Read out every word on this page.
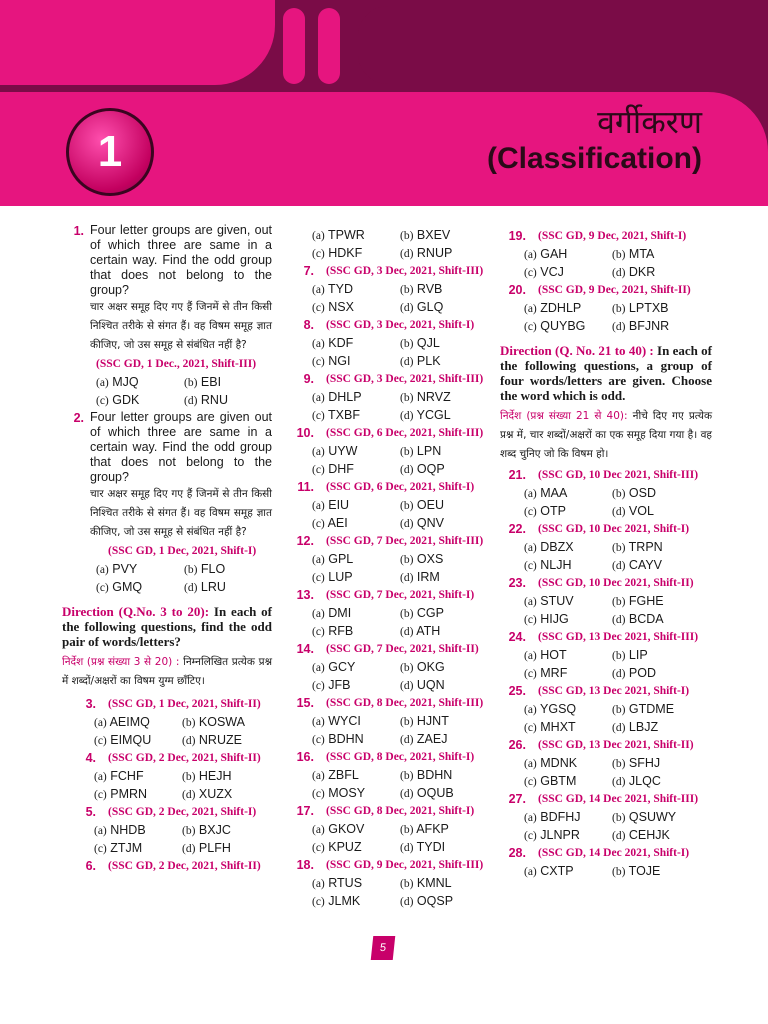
1
वर्गीकरण
(Classification)
1. Four letter groups are given, out of which three are same in a certain way. Find the odd group that does not belong to the group?
चार अक्षर समूह दिए गए हैं जिनमें से तीन किसी निश्चित तरीके से संगत हैं। वह विषम समूह ज्ञात कीजिए, जो उस समूह से संबंधित नहीं है?
(SSC GD, 1 Dec., 2021, Shift-III)
(a) MJQ	(b) EBI
(c) GDK	(d) RNU
2. Four letter groups are given out of which three are same in a certain way. Find the odd group that does not belong to the group?
चार अक्षर समूह दिए गए हैं जिनमें से तीन किसी निश्चित तरीके से संगत हैं। वह विषम समूह ज्ञात कीजिए, जो उस समूह से संबंधित नहीं है?
(SSC GD, 1 Dec, 2021, Shift-I)
(a) PVY	(b) FLO
(c) GMQ	(d) LRU
Direction (Q.No. 3 to 20): In each of the following questions, find the odd pair of words/letters?
निर्देश (प्रश्न संख्या 3 से 20) : निम्नलिखित प्रत्येक प्रश्न में शब्दों/अक्षरों का विषम युग्म छाँटिए।
3.	(SSC GD, 1 Dec, 2021, Shift-II)
(a) AEIMQ	(b) KOSWA
(c) EIMQU	(d) NRUZE
4.	(SSC GD, 2 Dec, 2021, Shift-II)
(a) FCHF	(b) HEJH
(c) PMRN	(d) XUZX
5.	(SSC GD, 2 Dec, 2021, Shift-I)
(a) NHDB	(b) BXJC
(c) ZTJM	(d) PLFH
6.	(SSC GD, 2 Dec, 2021, Shift-II)
(a) TPWR	(b) BXEV
(c) HDKF	(d) RNUP
7.	(SSC GD, 3 Dec, 2021, Shift-III)
(a) TYD	(b) RVB
(c) NSX	(d) GLQ
8.	(SSC GD, 3 Dec, 2021, Shift-I)
(a) KDF	(b) QJL
(c) NGI	(d) PLK
9.	(SSC GD, 3 Dec, 2021, Shift-III)
(a) DHLP	(b) NRVZ
(c) TXBF	(d) YCGL
10.	(SSC GD, 6 Dec, 2021, Shift-III)
(a) UYW	(b) LPN
(c) DHF	(d) OQP
11.	(SSC GD, 6 Dec, 2021, Shift-I)
(a) EIU	(b) OEU
(c) AEI	(d) QNV
12.	(SSC GD, 7 Dec, 2021, Shift-III)
(a) GPL	(b) OXS
(c) LUP	(d) IRM
13.	(SSC GD, 7 Dec, 2021, Shift-I)
(a) DMI	(b) CGP
(c) RFB	(d) ATH
14.	(SSC GD, 7 Dec, 2021, Shift-II)
(a) GCY	(b) OKG
(c) JFB	(d) UQN
15.	(SSC GD, 8 Dec, 2021, Shift-III)
(a) WYCI	(b) HJNT
(c) BDHN	(d) ZAEJ
16.	(SSC GD, 8 Dec, 2021, Shift-I)
(a) ZBFL	(b) BDHN
(c) MOSY	(d) OQUB
17.	(SSC GD, 8 Dec, 2021, Shift-I)
(a) GKOV	(b) AFKP
(c) KPUZ	(d) TYDI
18.	(SSC GD, 9 Dec, 2021, Shift-III)
(a) RTUS	(b) KMNL
(c) JLMK	(d) OQSP
19.	(SSC GD, 9 Dec, 2021, Shift-I)
(a) GAH	(b) MTA
(c) VCJ	(d) DKR
20.	(SSC GD, 9 Dec, 2021, Shift-II)
(a) ZDHLP	(b) LPTXB
(c) QUYBG	(d) BFJNR
Direction (Q. No. 21 to 40) : In each of the following questions, a group of four words/letters are given. Choose the word which is odd.
निर्देश (प्रश्न संख्या 21 से 40): नीचे दिए गए प्रत्येक प्रश्न में, चार शब्दों/अक्षरों का एक समूह दिया गया है। वह शब्द चुनिए जो कि विषम हो।
21.	(SSC GD, 10 Dec 2021, Shift-III)
(a) MAA	(b) OSD
(c) OTP	(d) VOL
22.	(SSC GD, 10 Dec 2021, Shift-I)
(a) DBZX	(b) TRPN
(c) NLJH	(d) CAYV
23.	(SSC GD, 10 Dec 2021, Shift-II)
(a) STUV	(b) FGHE
(c) HIJG	(d) BCDA
24.	(SSC GD, 13 Dec 2021, Shift-III)
(a) HOT	(b) LIP
(c) MRF	(d) POD
25.	(SSC GD, 13 Dec 2021, Shift-I)
(a) YGSQ	(b) GTDME
(c) MHXT	(d) LBJZ
26.	(SSC GD, 13 Dec 2021, Shift-II)
(a) MDNK	(b) SFHJ
(c) GBTM	(d) JLQC
27.	(SSC GD, 14 Dec 2021, Shift-III)
(a) BDFHJ	(b) QSUWY
(c) JLNPR	(d) CEHJK
28.	(SSC GD, 14 Dec 2021, Shift-I)
(a) CXTP	(b) TOJE
5
